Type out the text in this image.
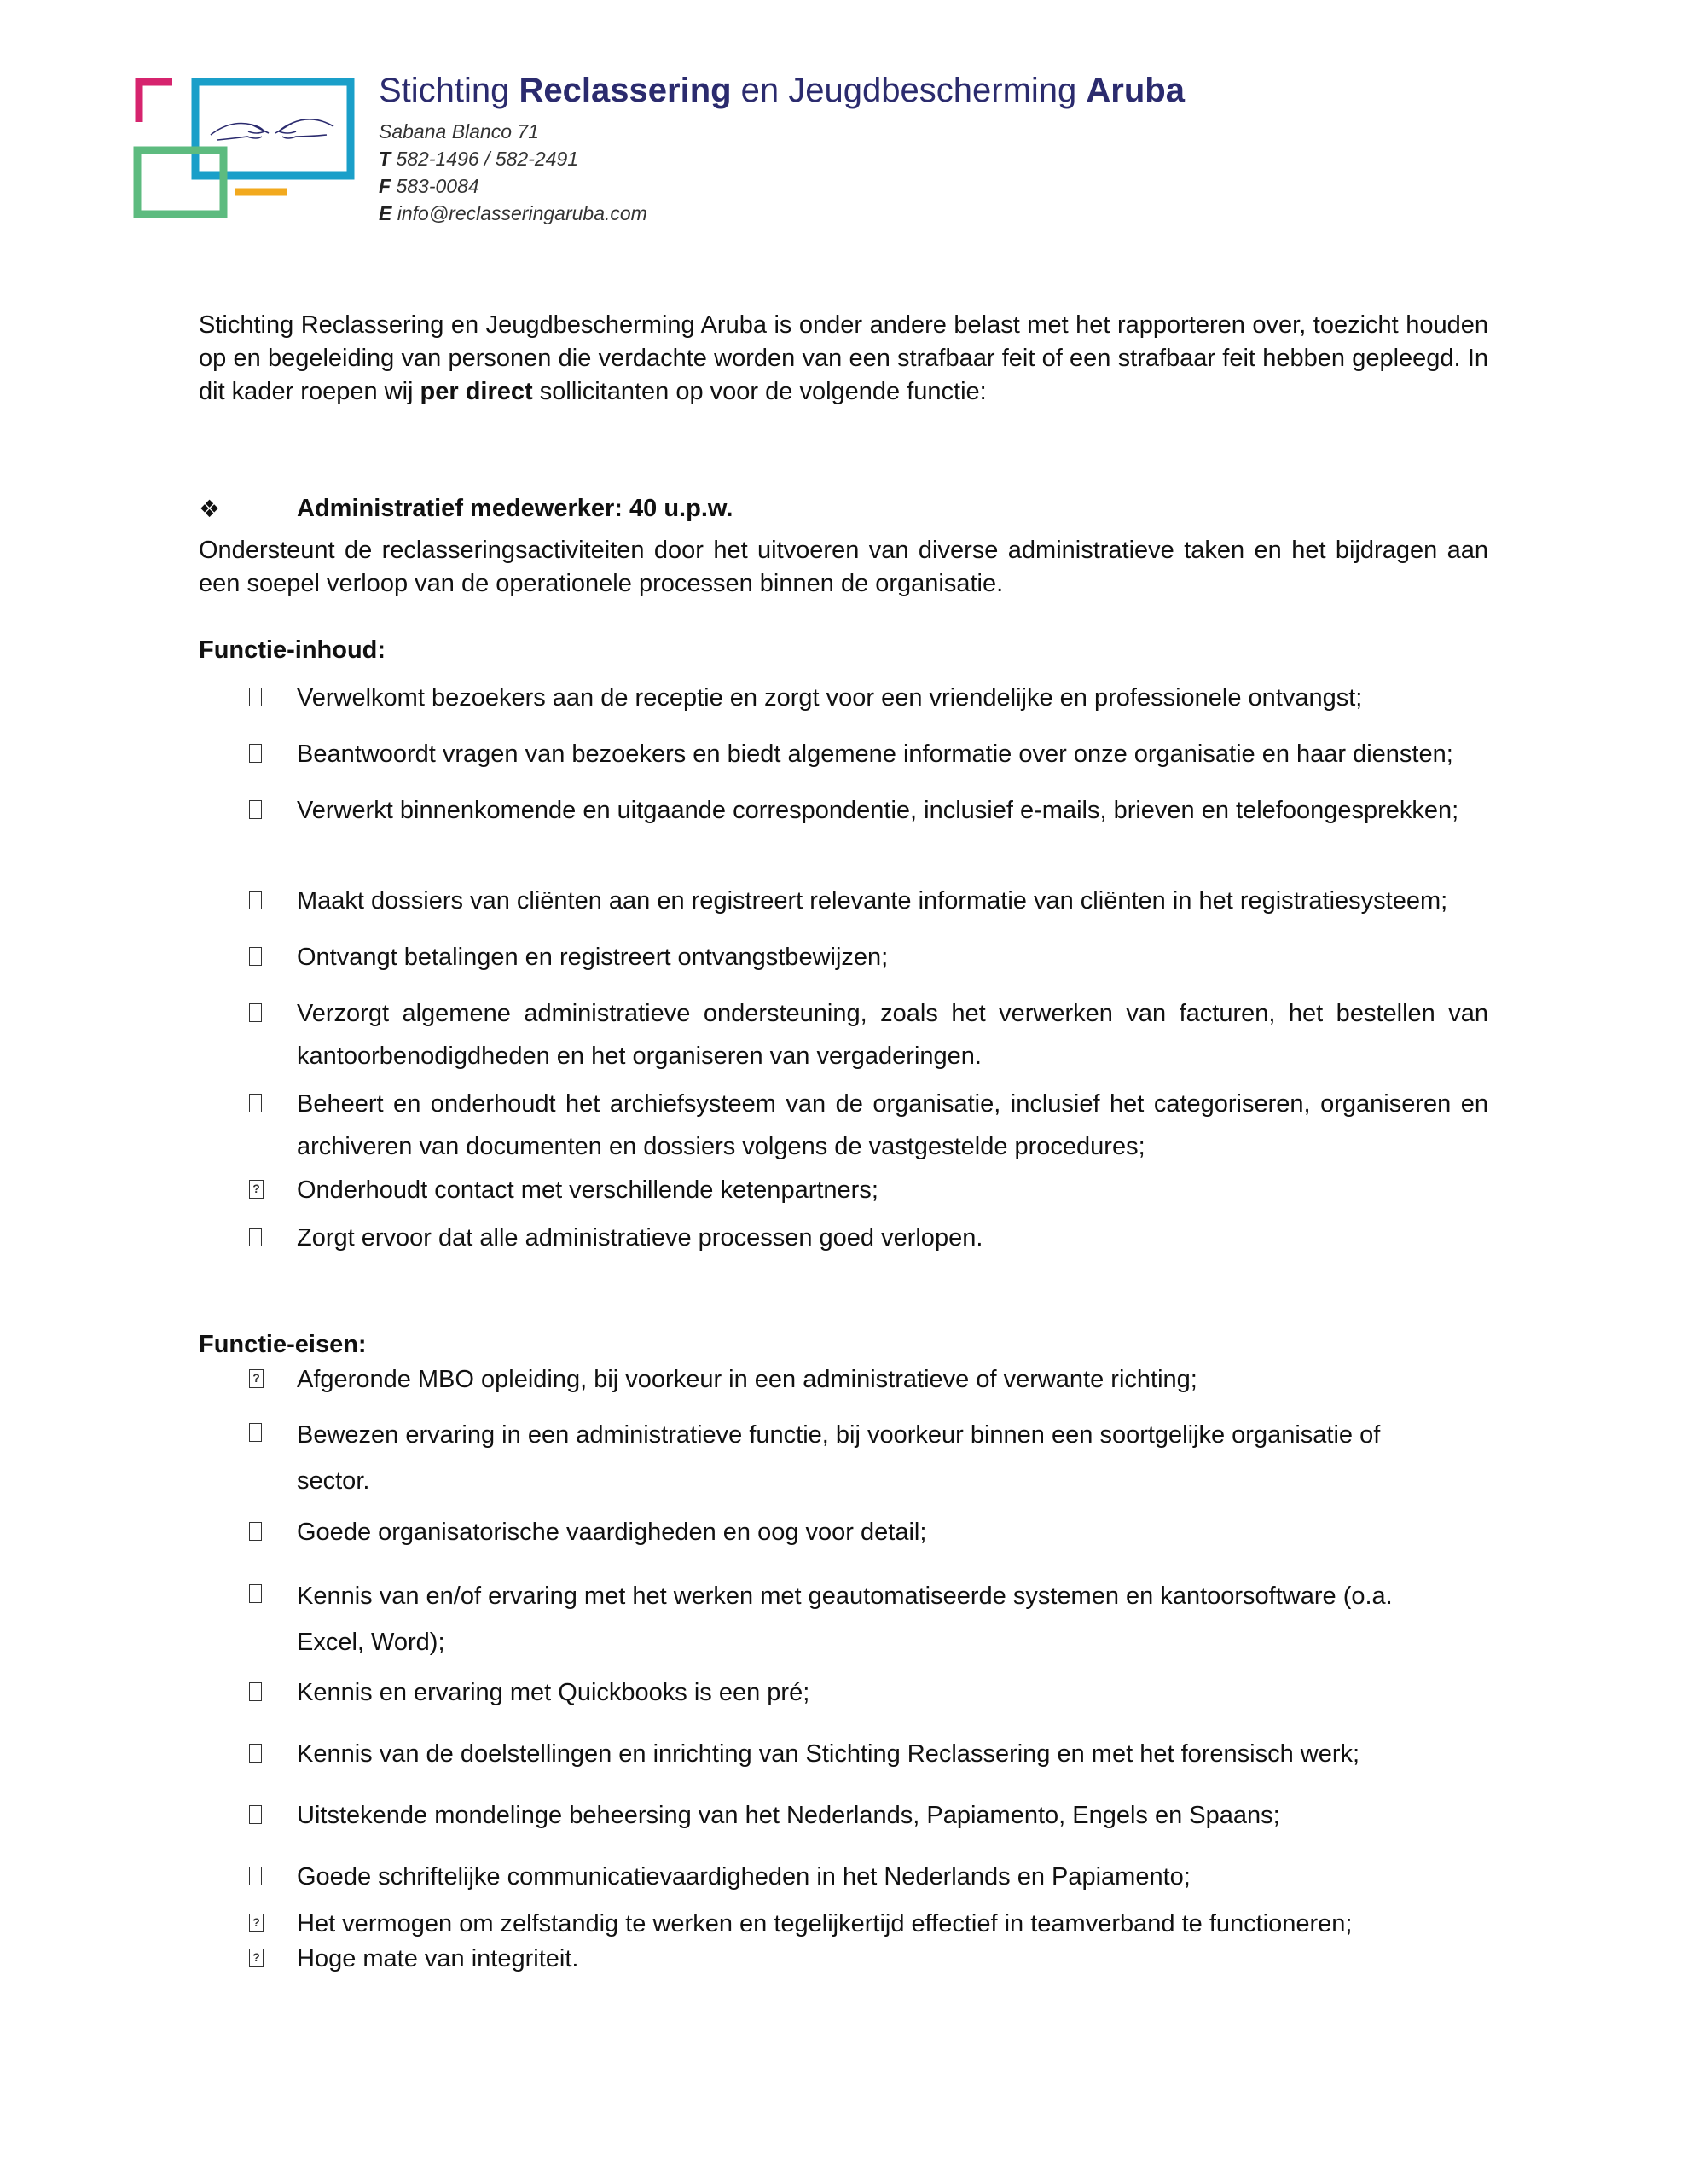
Stichting Reclassering en Jeugdbescherming Aruba
Sabana Blanco 71
T 582-1496 / 582-2491
F 583-0084
E info@reclasseringaruba.com
Stichting Reclassering en Jeugdbescherming Aruba is onder andere belast met het rapporteren over, toezicht houden op en begeleiding van personen die verdachte worden van een strafbaar feit of een strafbaar feit hebben gepleegd. In dit kader roepen wij per direct sollicitanten op voor de volgende functie:
❖	Administratief medewerker: 40 u.p.w.
Ondersteunt de reclasseringsactiviteiten door het uitvoeren van diverse administratieve taken en het bijdragen aan een soepel verloop van de operationele processen binnen de organisatie.
Functie-inhoud:
Verwelkomt bezoekers aan de receptie en zorgt voor een vriendelijke en professionele ontvangst;
Beantwoordt vragen van bezoekers en biedt algemene informatie over onze organisatie en haar diensten;
Verwerkt binnenkomende en uitgaande correspondentie, inclusief e-mails, brieven en telefoongesprekken;
Maakt dossiers van cliënten aan en registreert relevante informatie van cliënten in het registratiesysteem;
Ontvangt betalingen en registreert ontvangstbewijzen;
Verzorgt algemene administratieve ondersteuning, zoals het verwerken van facturen, het bestellen van kantoorbenodigdheden en het organiseren van vergaderingen.
Beheert en onderhoudt het archiefsysteem van de organisatie, inclusief het categoriseren, organiseren en archiveren van documenten en dossiers volgens de vastgestelde procedures;
?	Onderhoudt contact met verschillende ketenpartners;
Zorgt ervoor dat alle administratieve processen goed verlopen.
Functie-eisen:
?	Afgeronde MBO opleiding, bij voorkeur in een administratieve of verwante richting;
Bewezen ervaring in een administratieve functie, bij voorkeur binnen een soortgelijke organisatie of sector.
Goede organisatorische vaardigheden en oog voor detail;
Kennis van en/of ervaring met het werken met geautomatiseerde systemen en kantoorsoftware (o.a. Excel, Word);
Kennis en ervaring met Quickbooks is een pré;
Kennis van de doelstellingen en inrichting van Stichting Reclassering en met het forensisch werk;
Uitstekende mondelinge beheersing van het Nederlands, Papiamento, Engels en Spaans;
Goede schriftelijke communicatievaardigheden in het Nederlands en Papiamento;
?	Het vermogen om zelfstandig te werken en tegelijkertijd effectief in teamverband te functioneren;
?	Hoge mate van integriteit.
